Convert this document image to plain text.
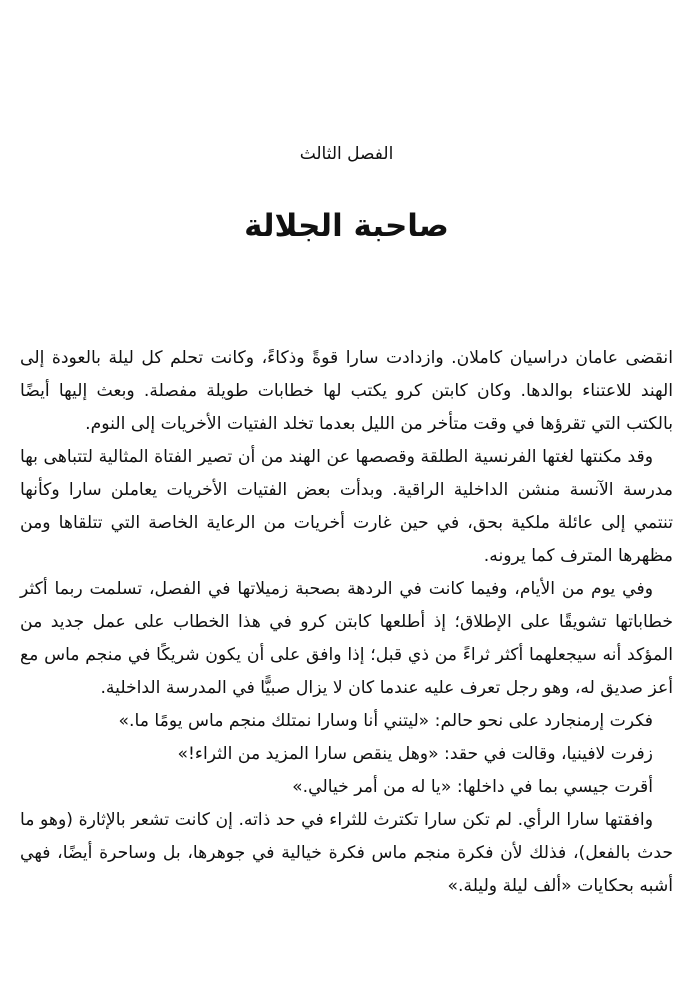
الفصل الثالث
صاحبة الجلالة

انقضى عامان دراسيان كاملان. وازدادت سارا قوةً وذكاءً، وكانت تحلم كل ليلة بالعودة إلى الهند للاعتناء بوالدها. وكان كابتن كرو يكتب لها خطابات طويلة مفصلة. وبعث إليها أيضًا بالكتب التي تقرؤها في وقت متأخر من الليل بعدما تخلد الفتيات الأخريات إلى النوم.

وقد مكنتها لغتها الفرنسية الطلقة وقصصها عن الهند من أن تصير الفتاة المثالية لتتباهى بها مدرسة الآنسة منشن الداخلية الراقية. وبدأت بعض الفتيات الأخريات يعاملن سارا وكأنها تنتمي إلى عائلة ملكية بحق، في حين غارت أخريات من الرعاية الخاصة التي تتلقاها ومن مظهرها المترف كما يرونه.

وفي يوم من الأيام، وفيما كانت في الردهة بصحبة زميلاتها في الفصل، تسلمت ربما أكثر خطاباتها تشويقًا على الإطلاق؛ إذ أطلعها كابتن كرو في هذا الخطاب على عمل جديد من المؤكد أنه سيجعلهما أكثر ثراءً من ذي قبل؛ إذا وافق على أن يكون شريكًا في منجم ماس مع أعز صديق له، وهو رجل تعرف عليه عندما كان لا يزال صبيًّا في المدرسة الداخلية.

فكرت إرمنجارد على نحو حالم: «ليتني أنا وسارا نمتلك منجم ماس يومًا ما.»

زفرت لافينيا، وقالت في حقد: «وهل ينقص سارا المزيد من الثراء!»

أقرت جيسي بما في داخلها: «يا له من أمر خيالي.»

وافقتها سارا الرأي. لم تكن سارا تكترث للثراء في حد ذاته. إن كانت تشعر بالإثارة (وهو ما حدث بالفعل)، فذلك لأن فكرة منجم ماس فكرة خيالية في جوهرها، بل وساحرة أيضًا، فهي أشبه بحكايات «ألف ليلة وليلة.»
